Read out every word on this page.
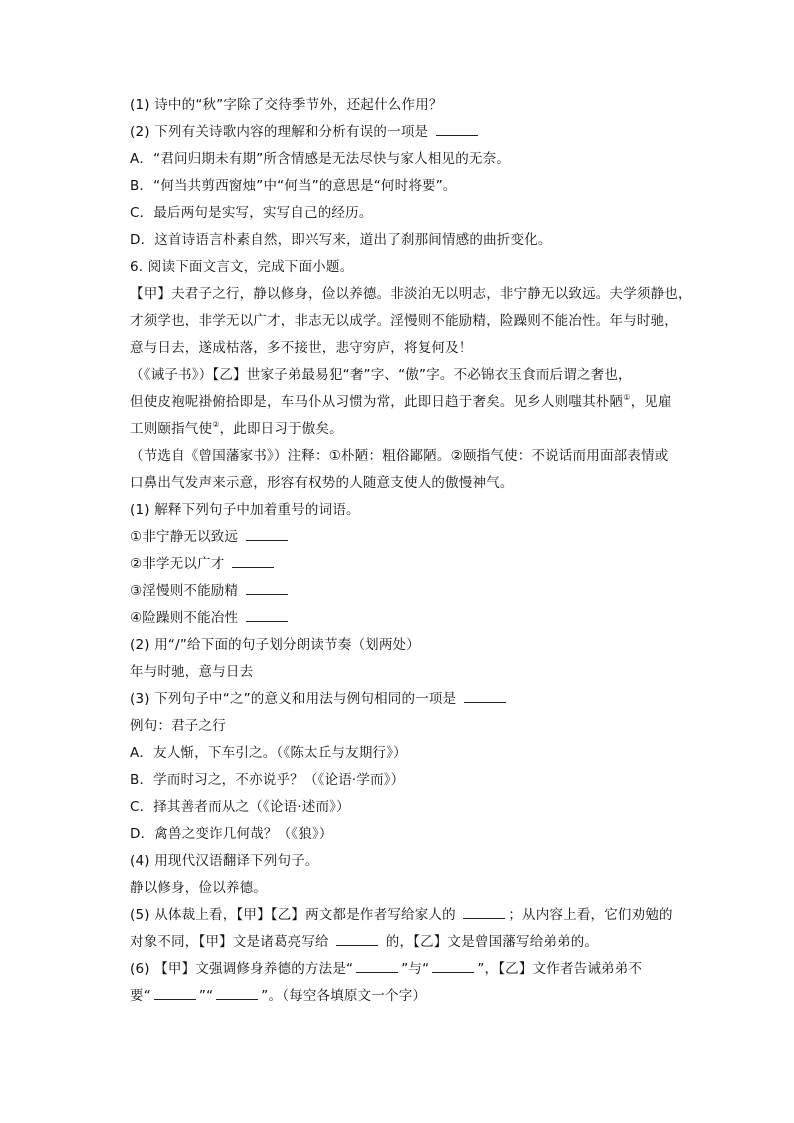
(1) 诗中的“秋”字除了交待季节外，还起什么作用？
(2) 下列有关诗歌内容的理解和分析有误的一项是
A．“君问归期未有期”所含情感是无法尽快与家人相见的无奈。
B．“何当共剪西窗烛”中“何当”的意思是“何时将要”。
C．最后两句是实写，实写自己的经历。
D．这首诗语言朴素自然，即兴写来，道出了刹那间情感的曲折变化。
6. 阅读下面文言文，完成下面小题。
【甲】夫君子之行，静以修身，俭以养德。非淡泊无以明志，非宁静无以致远。夫学须静也，
才须学也，非学无以广才，非志无以成学。淫慢则不能励精，险躁则不能冶性。年与时驰，
意与日去，遂成枯落，多不接世，悲守穷庐，将复何及！
（《诫子书》）【乙】世家子弟最易犯“奢”字、“傲”字。不必锦衣玉食而后谓之奢也，
但使皮袍呢褂俯拾即是，车马仆从习惯为常，此即日趋于奢矣。见乡人则嗤其朴陋①，见雇
工则颐指气使②，此即日习于傲矣。
（节选自《曾国藩家书》）注释：①朴陋：粗俗鄙陋。②颐指气使：不说话而用面部表情或
口鼻出气发声来示意，形容有权势的人随意支使人的傲慢神气。
(1) 解释下列句子中加着重号的词语。
①非宁静无以致远
②非学无以广才
③淫慢则不能励精
④险躁则不能冶性
(2) 用“/”给下面的句子划分朗读节奏（划两处）
年与时驰，意与日去
(3) 下列句子中“之”的意义和用法与例句相同的一项是
例句：君子之行
A．友人惭，下车引之。（《陈太丘与友期行》）
B．学而时习之，不亦说乎？（《论语·学而》）
C．择其善者而从之（《论语·述而》）
D．禽兽之变诈几何哉？（《狼》）
(4) 用现代汉语翻译下列句子。
静以修身，俭以养德。
(5) 从体裁上看，【甲】【乙】两文都是作者写给家人的	；从内容上看，它们劝勉的
对象不同，【甲】文是诸葛亮写给	的，【乙】文是曾国藩写给弟弟的。
(6) 【甲】文强调修身养德的方法是“	”与“	”，【乙】文作者告诫弟弟不
要“	”“	”。（每空各填原文一个字）
